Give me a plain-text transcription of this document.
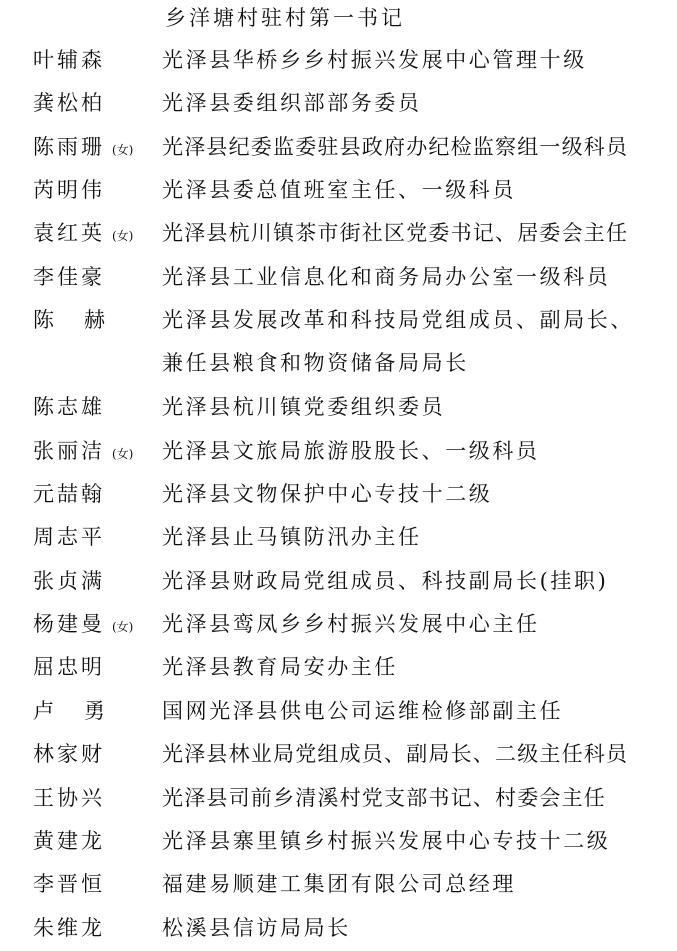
乡洋塘村驻村第一书记
叶辅森	光泽县华桥乡乡村振兴发展中心管理十级
龚松柏	光泽县委组织部部务委员
陈雨珊 (女) 光泽县纪委监委驻县政府办纪检监察组一级科员
芮明伟	光泽县委总值班室主任、一级科员
袁红英 (女) 光泽县杭川镇茶市街社区党委书记、居委会主任
李佳豪	光泽县工业信息化和商务局办公室一级科员
陈赫 光泽县发展改革和科技局党组成员、副局长、
兼任县粮食和物资储备局局长
陈志雄	光泽县杭川镇党委组织委员
张丽洁 (女) 光泽县文旅局旅游股股长、一级科员
元喆翰	光泽县文物保护中心专技十二级
周志平	光泽县止马镇防汛办主任
张贞满	光泽县财政局党组成员、科技副局长(挂职)
杨建曼 (女) 光泽县鸾凤乡乡村振兴发展中心主任
屈忠明	光泽县教育局安办主任
卢勇 国网光泽县供电公司运维检修部副主任
林家财	光泽县林业局党组成员、副局长、二级主任科员
王协兴	光泽县司前乡清溪村党支部书记、村委会主任
黄建龙	光泽县寨里镇乡村振兴发展中心专技十二级
李晋恒	福建易顺建工集团有限公司总经理
朱维龙	松溪县信访局局长
